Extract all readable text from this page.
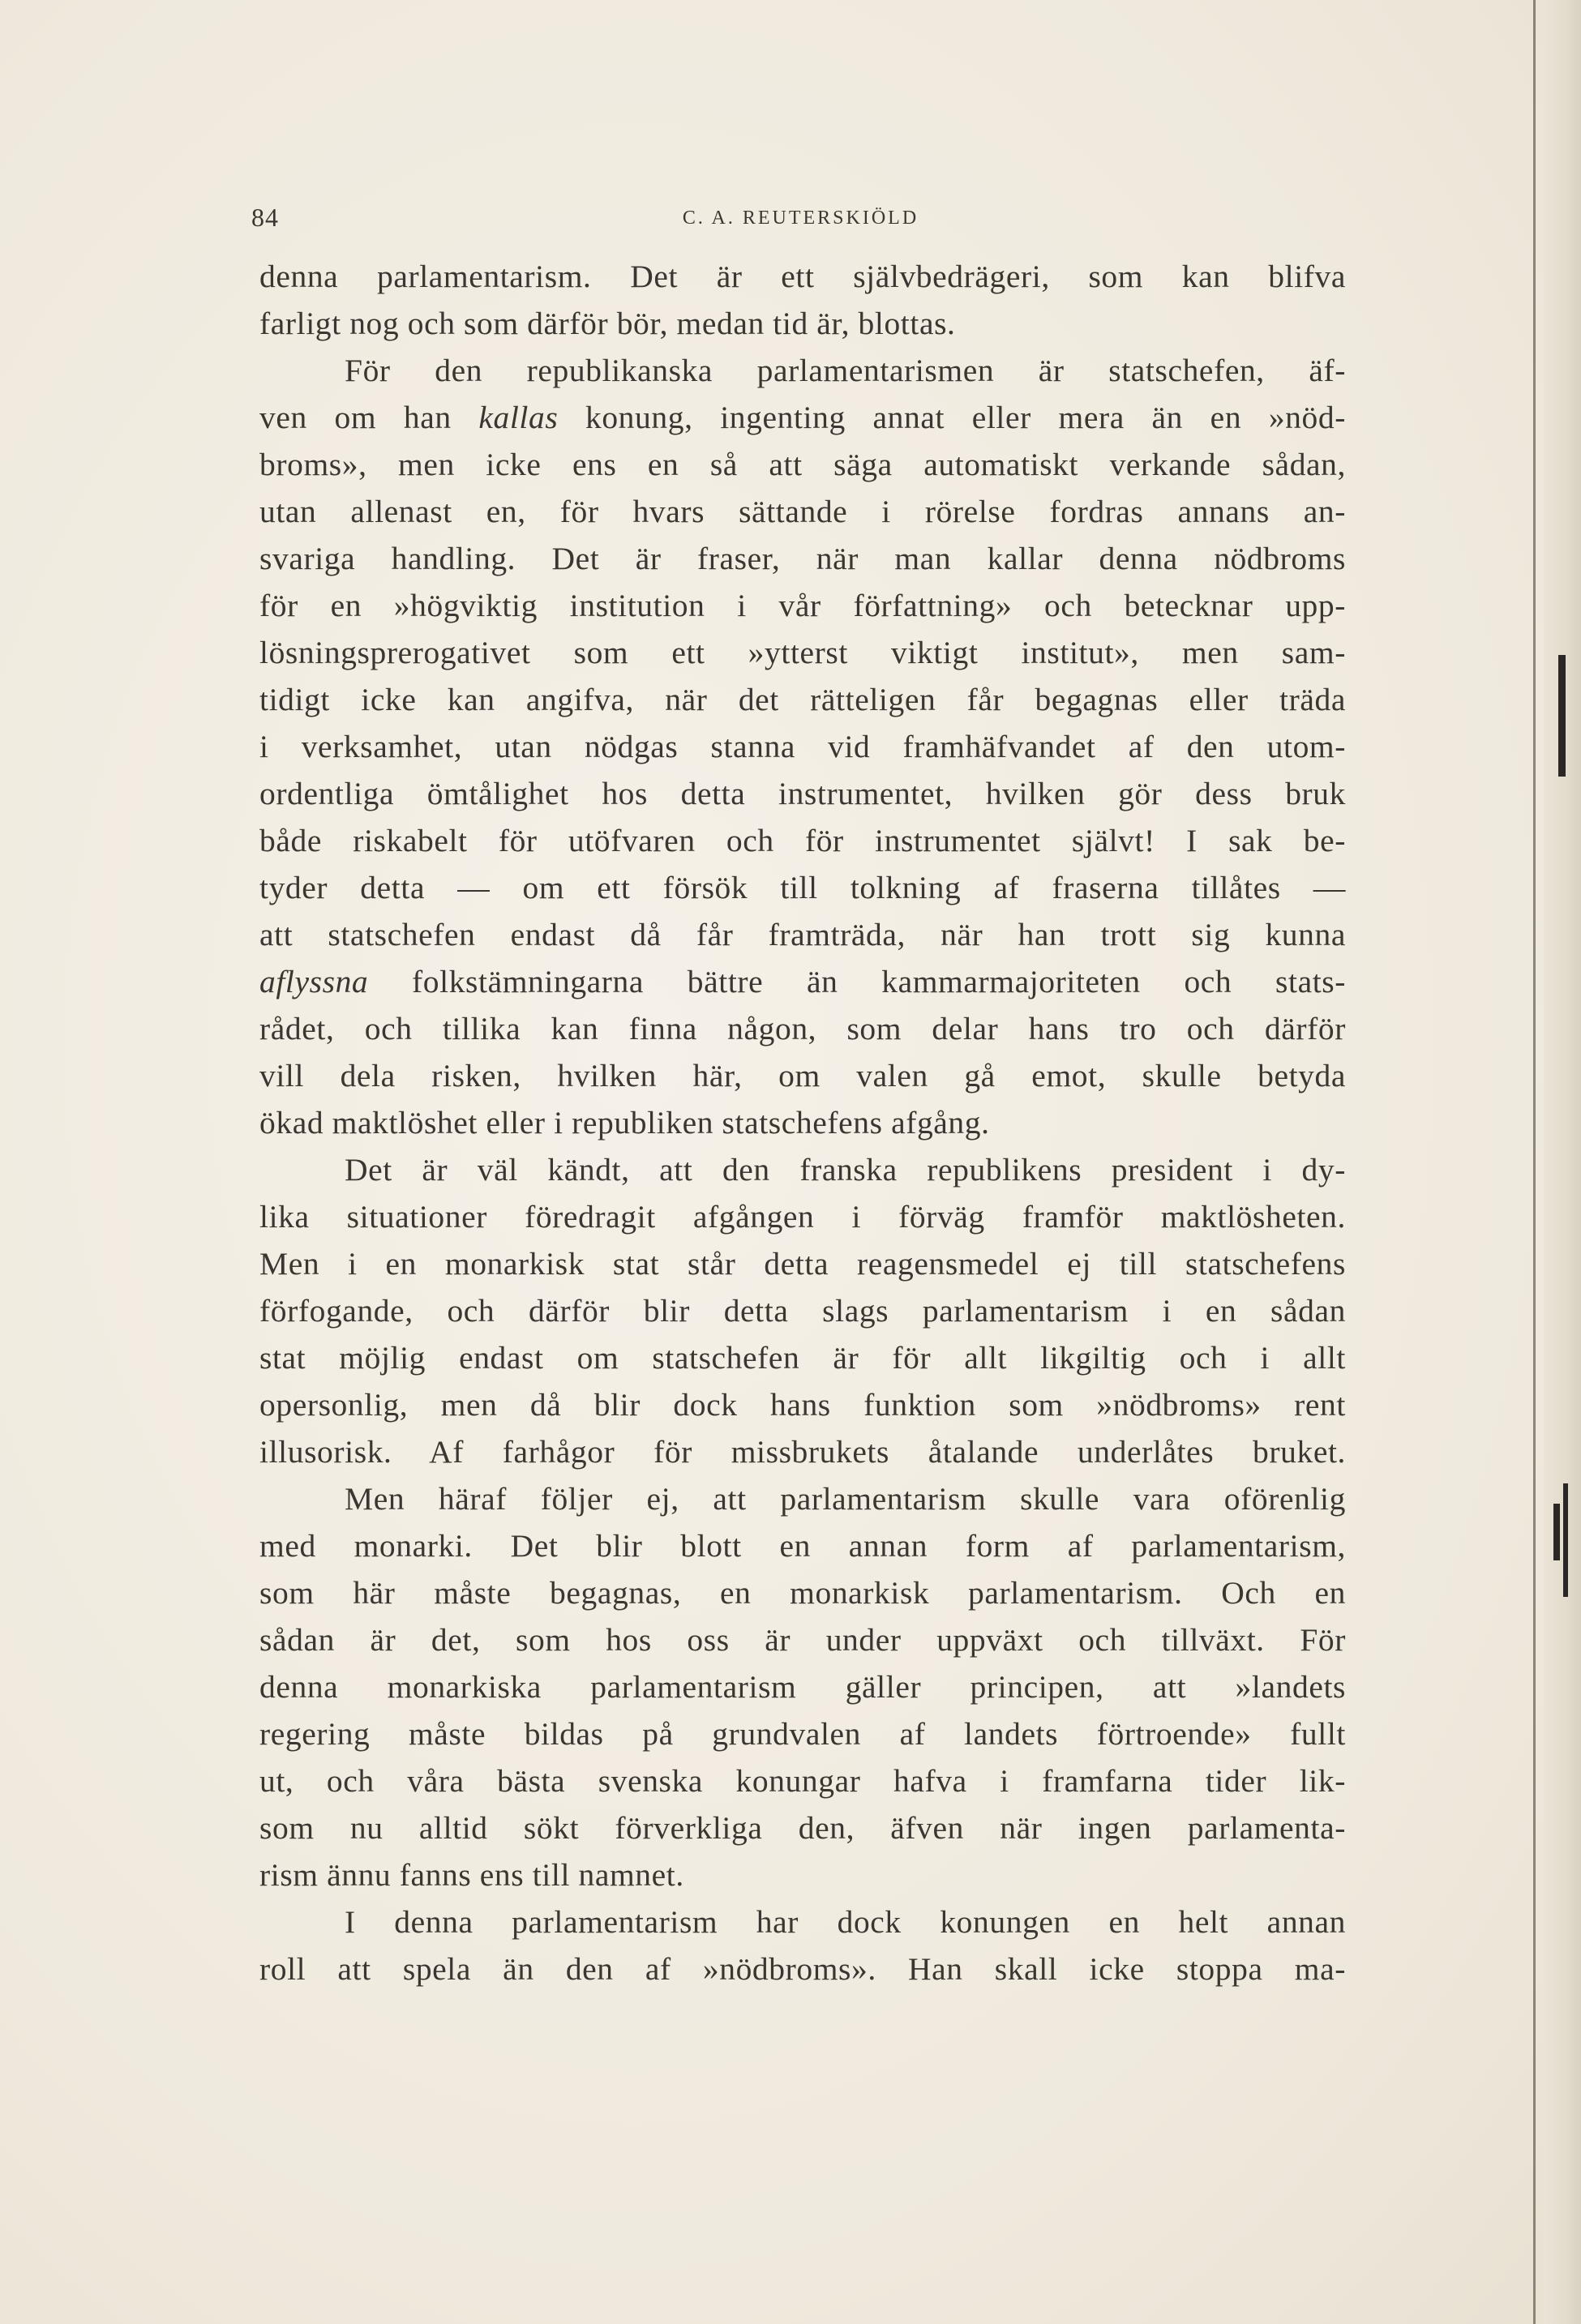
84	C. A. REUTERSKIÖLD
denna parlamentarism. Det är ett självbedrägeri, som kan blifva
farligt nog och som därför bör, medan tid är, blottas.
För den republikanska parlamentarismen är statschefen, äf-
ven om han kallas konung, ingenting annat eller mera än en »nöd-
broms», men icke ens en så att säga automatiskt verkande sådan,
utan allenast en, för hvars sättande i rörelse fordras annans an-
svariga handling. Det är fraser, när man kallar denna nödbroms
för en »högviktig institution i vår författning» och betecknar upp-
lösningsprerogativet som ett »ytterst viktigt institut», men sam-
tidigt icke kan angifva, när det rätteligen får begagnas eller träda
i verksamhet, utan nödgas stanna vid framhäfvandet af den utom-
ordentliga ömtålighet hos detta instrumentet, hvilken gör dess bruk
både riskabelt för utöfvaren och för instrumentet självt! I sak be-
tyder detta — om ett försök till tolkning af fraserna tillåtes —
att statschefen endast då får framträda, när han trott sig kunna
aflyssna folkstämningarna bättre än kammarmajoriteten och stats-
rådet, och tillika kan finna någon, som delar hans tro och därför
vill dela risken, hvilken här, om valen gå emot, skulle betyda
ökad maktlöshet eller i republiken statschefens afgång.
Det är väl kändt, att den franska republikens president i dy-
lika situationer föredragit afgången i förväg framför maktlösheten.
Men i en monarkisk stat står detta reagensmedel ej till statschefens
förfogande, och därför blir detta slags parlamentarism i en sådan
stat möjlig endast om statschefen är för allt likgiltig och i allt
opersonlig, men då blir dock hans funktion som »nödbroms» rent
illusorisk. Af farhågor för missbrukets åtalande underlåtes bruket.
Men häraf följer ej, att parlamentarism skulle vara oförenlig
med monarki. Det blir blott en annan form af parlamentarism,
som här måste begagnas, en monarkisk parlamentarism. Och en
sådan är det, som hos oss är under uppväxt och tillväxt. För
denna monarkiska parlamentarism gäller principen, att »landets
regering måste bildas på grundvalen af landets förtroende» fullt
ut, och våra bästa svenska konungar hafva i framfarna tider lik-
som nu alltid sökt förverkliga den, äfven när ingen parlamenta-
rism ännu fanns ens till namnet.
I denna parlamentarism har dock konungen en helt annan
roll att spela än den af »nödbroms». Han skall icke stoppa ma-
